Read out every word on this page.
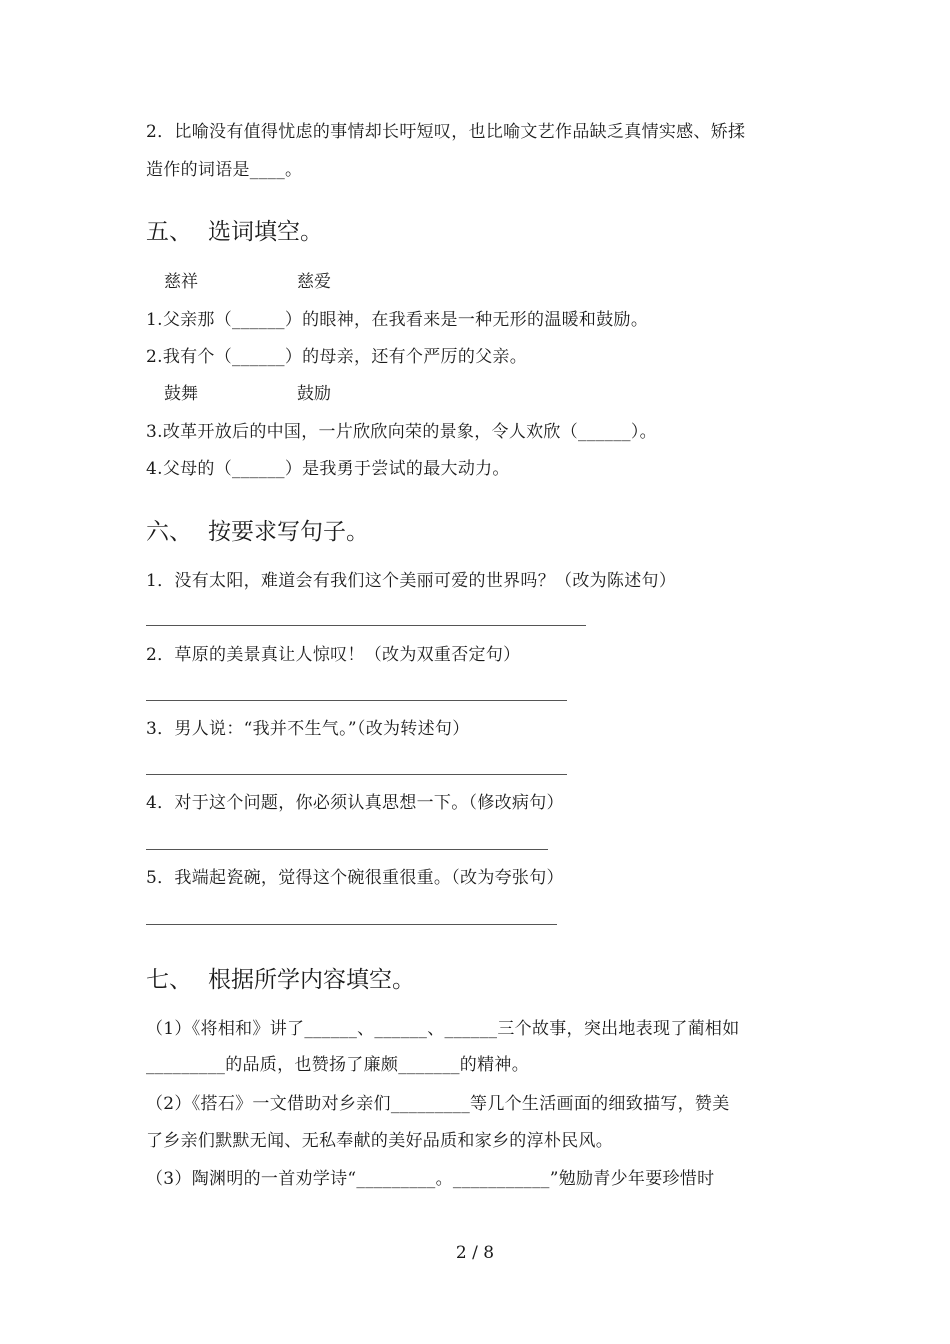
2．比喻没有值得忧虑的事情却长吁短叹，也比喻文艺作品缺乏真情实感、矫揉
造作的词语是____。
五、 选词填空。
慈祥	慈爱
1.父亲那（______）的眼神，在我看来是一种无形的温暖和鼓励。
2.我有个（______）的母亲，还有个严厉的父亲。
鼓舞	鼓励
3.改革开放后的中国，一片欣欣向荣的景象，令人欢欣（______）。
4.父母的（______）是我勇于尝试的最大动力。
六、 按要求写句子。
1．没有太阳，难道会有我们这个美丽可爱的世界吗？（改为陈述句）
2．草原的美景真让人惊叹！（改为双重否定句）
3．男人说：“我并不生气。”（改为转述句）
4．对于这个问题，你必须认真思想一下。（修改病句）
5．我端起瓷碗，觉得这个碗很重很重。（改为夸张句）
七、 根据所学内容填空。
（1）《将相和》讲了______、______、______三个故事，突出地表现了蔺相如
_________的品质，也赞扬了廉颇_______的精神。
（2）《搭石》一文借助对乡亲们_________等几个生活画面的细致描写，赞美
了乡亲们默默无闻、无私奉献的美好品质和家乡的淳朴民风。
（3）陶渊明的一首劝学诗“_________。___________”勉励青少年要珍惜时
2 / 8
